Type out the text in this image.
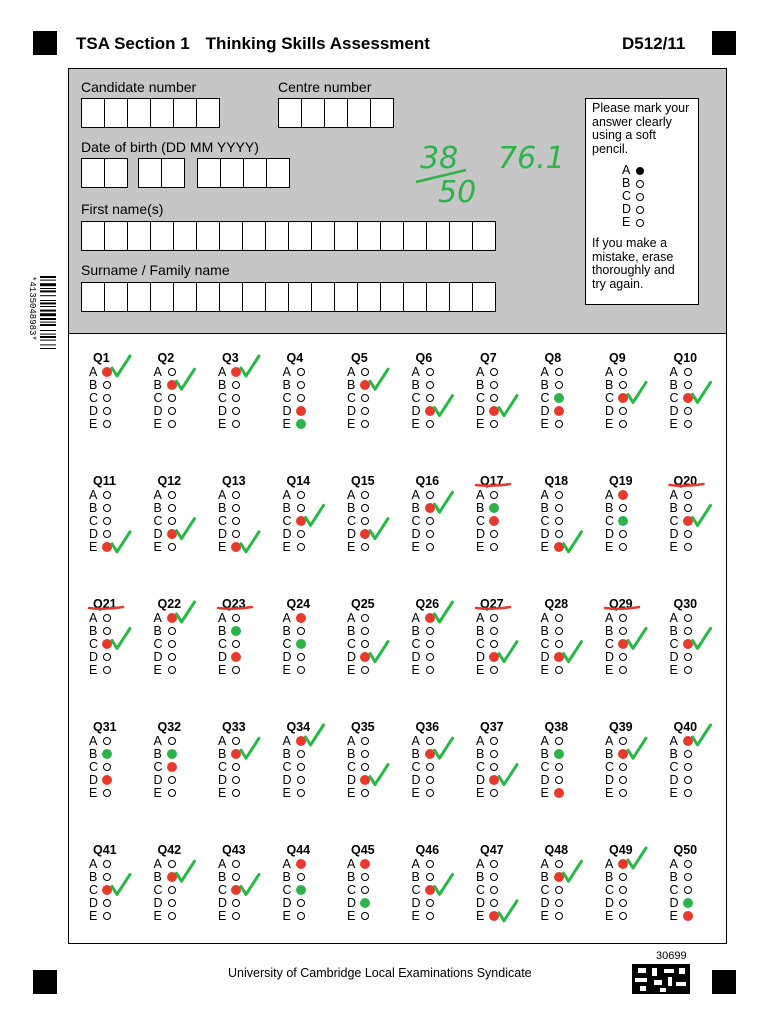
TSA Section 1 Thinking Skills Assessment	D512/11
*4135048983*
Candidate number	Centre number
Date of birth (DD MM YYYY)
First name(s)
Surname / Family name
Please mark your answer clearly using a soft pencil.
A
B
C
D
E
If you make a mistake, erase thoroughly and try again.
Q1
A
B
C
D
E
Q2
A
B
C
D
E
Q3
A
B
C
D
E
Q4
A
B
C
D
E
Q5
A
B
C
D
E
Q6
A
B
C
D
E
Q7
A
B
C
D
E
Q8
A
B
C
D
E
Q9
A
B
C
D
E
Q10
A
B
C
D
E
Q11
A
B
C
D
E
Q12
A
B
C
D
E
Q13
A
B
C
D
E
Q14
A
B
C
D
E
Q15
A
B
C
D
E
Q16
A
B
C
D
E
Q17
A
B
C
D
E
Q18
A
B
C
D
E
Q19
A
B
C
D
E
Q20
A
B
C
D
E
Q21
A
B
C
D
E
Q22
A
B
C
D
E
Q23
A
B
C
D
E
Q24
A
B
C
D
E
Q25
A
B
C
D
E
Q26
A
B
C
D
E
Q27
A
B
C
D
E
Q28
A
B
C
D
E
Q29
A
B
C
D
E
Q30
A
B
C
D
E
Q31
A
B
C
D
E
Q32
A
B
C
D
E
Q33
A
B
C
D
E
Q34
A
B
C
D
E
Q35
A
B
C
D
E
Q36
A
B
C
D
E
Q37
A
B
C
D
E
Q38
A
B
C
D
E
Q39
A
B
C
D
E
Q40
A
B
C
D
E
Q41
A
B
C
D
E
Q42
A
B
C
D
E
Q43
A
B
C
D
E
Q44
A
B
C
D
E
Q45
A
B
C
D
E
Q46
A
B
C
D
E
Q47
A
B
C
D
E
Q48
A
B
C
D
E
Q49
A
B
C
D
E
Q50
A
B
C
D
E
38
50
76.1
University of Cambridge Local Examinations Syndicate
30699
